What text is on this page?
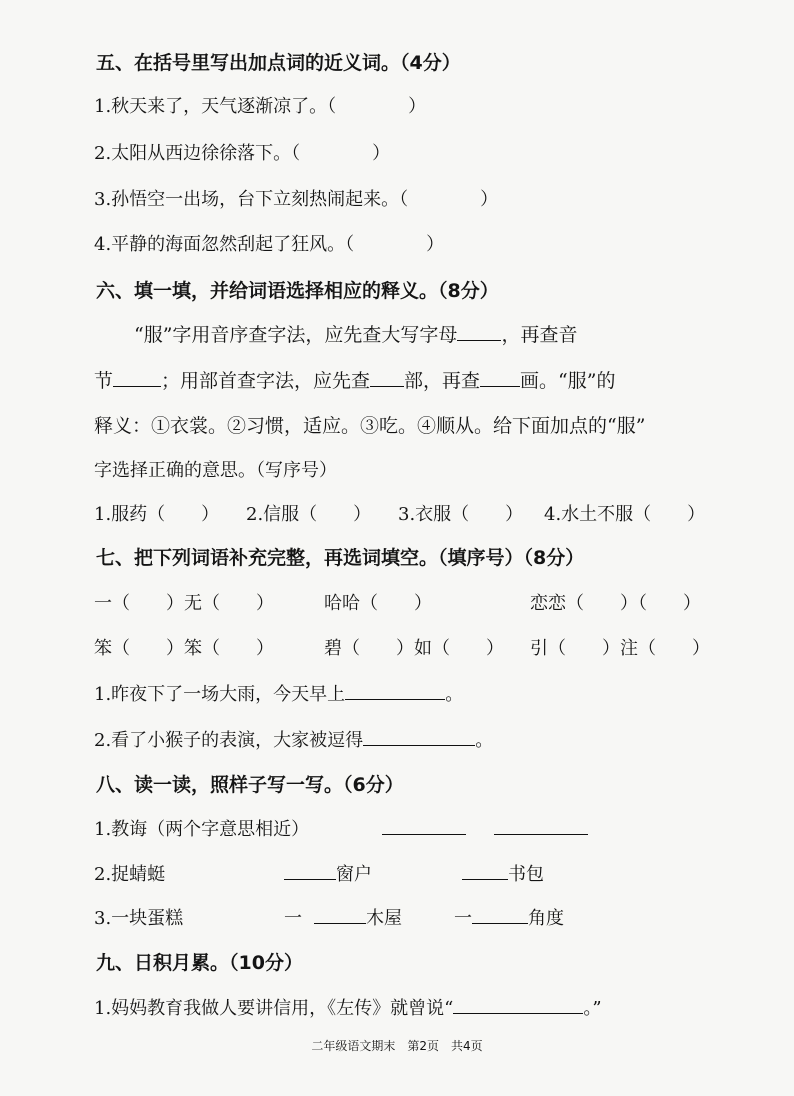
五、在括号里写出加点词的近义词。（4分）
1.秋天来了，天气逐渐凉了。（　　　　）
2.太阳从西边徐徐落下。（　　　　）
3.孙悟空一出场，台下立刻热闹起来。（　　　　）
4.平静的海面忽然刮起了狂风。（　　　　）
六、填一填，并给词语选择相应的释义。（8分）
“服”字用音序查字法，应先查大写字母 ，再查音
节	；用部首查字法，应先查 部，再查 画。“服”的
释义：①衣裳。②习惯，适应。③吃。④顺从。给下面加点的“服”
字选择正确的意思。（写序号）
1.服药（　　） 2.信服（　　） 3.衣服（　　） 4.水土不服（　　）
七、把下列词语补充完整，再选词填空。（填序号）（8分）
一（　　）无（　　）	哈哈（　　）	恋恋（　　）（　　）
笨（　　）笨（　　）	碧（　　）如（　　） 引（　　）注（　　）
1.昨夜下了一场大雨，今天早上	。
2.看了小猴子的表演，大家被逗得	。
八、读一读，照样子写一写。（6分）
1.教诲（两个字意思相近）
2.捉蜻蜓	窗户	书包
3.一块蛋糕	一	木屋	一	角度
九、日积月累。（10分）
1.妈妈教育我做人要讲信用，《左传》就曾说“	。”
二年级语文期末　第2页　共4页
